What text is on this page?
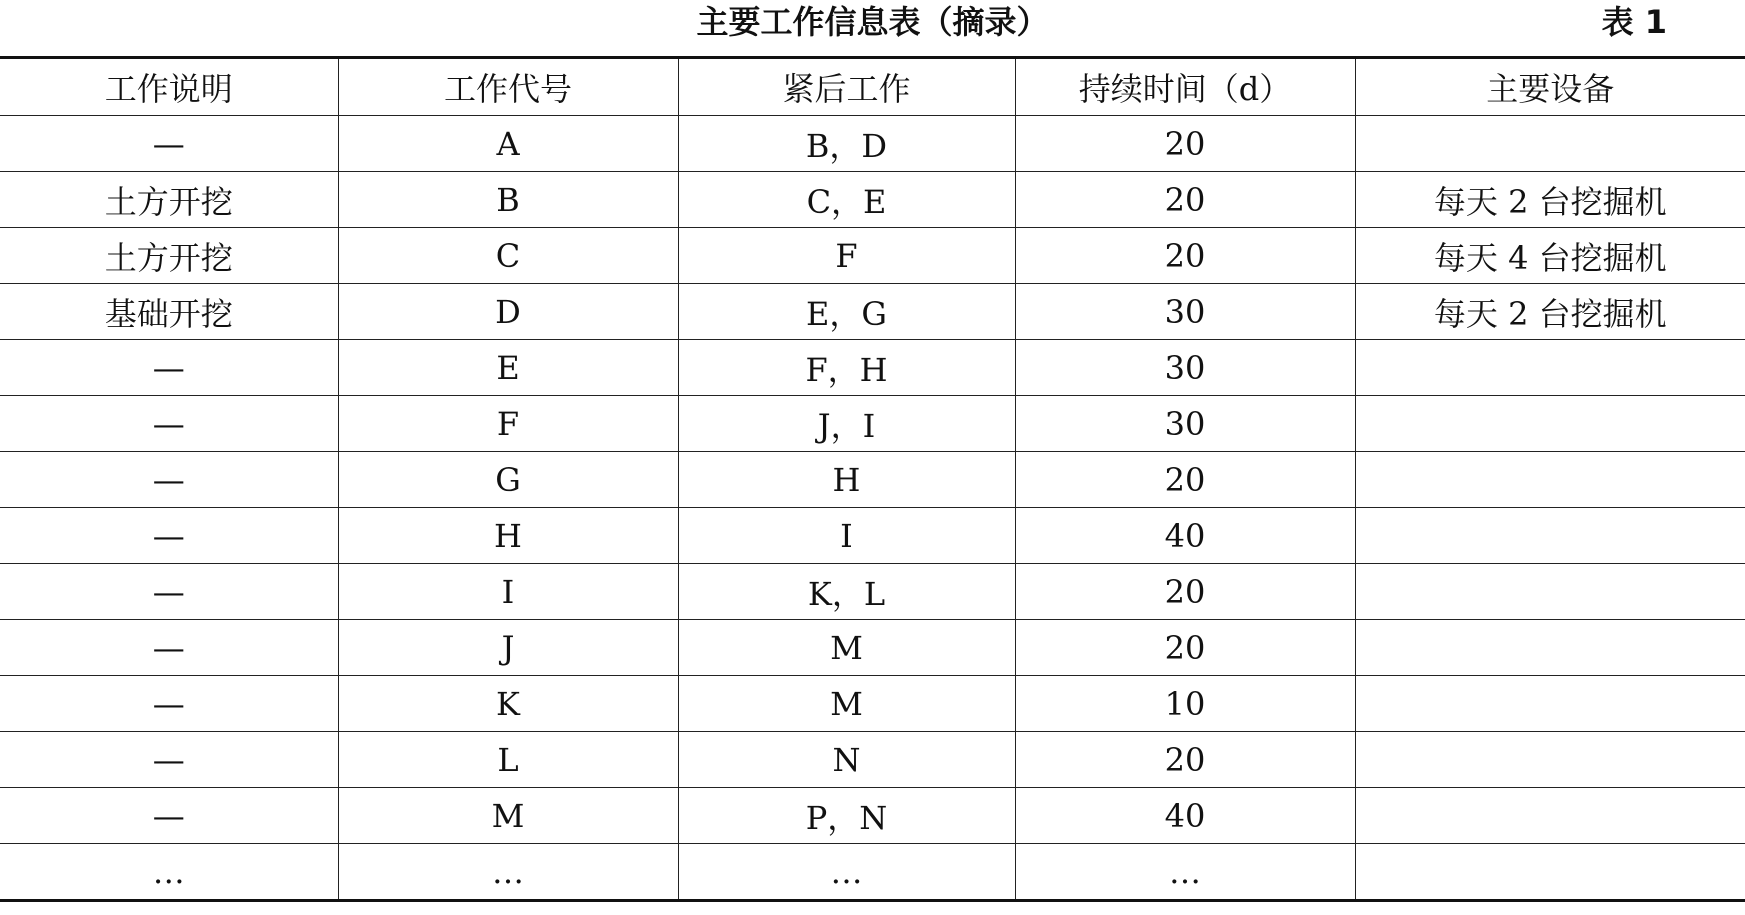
主要工作信息表（摘录）	表 1
工作说明	工作代号	紧后工作	持续时间（d）	主要设备
—	A	B，D	20	
土方开挖	B	C，E	20	每天 2 台挖掘机
土方开挖	C	F	20	每天 4 台挖掘机
基础开挖	D	E，G	30	每天 2 台挖掘机
—	E	F，H	30	
—	F	J，I	30	
—	G	H	20	
—	H	I	40	
—	I	K，L	20	
—	J	M	20	
—	K	M	10	
—	L	N	20	
—	M	P，N	40	
…	…	…	…	
